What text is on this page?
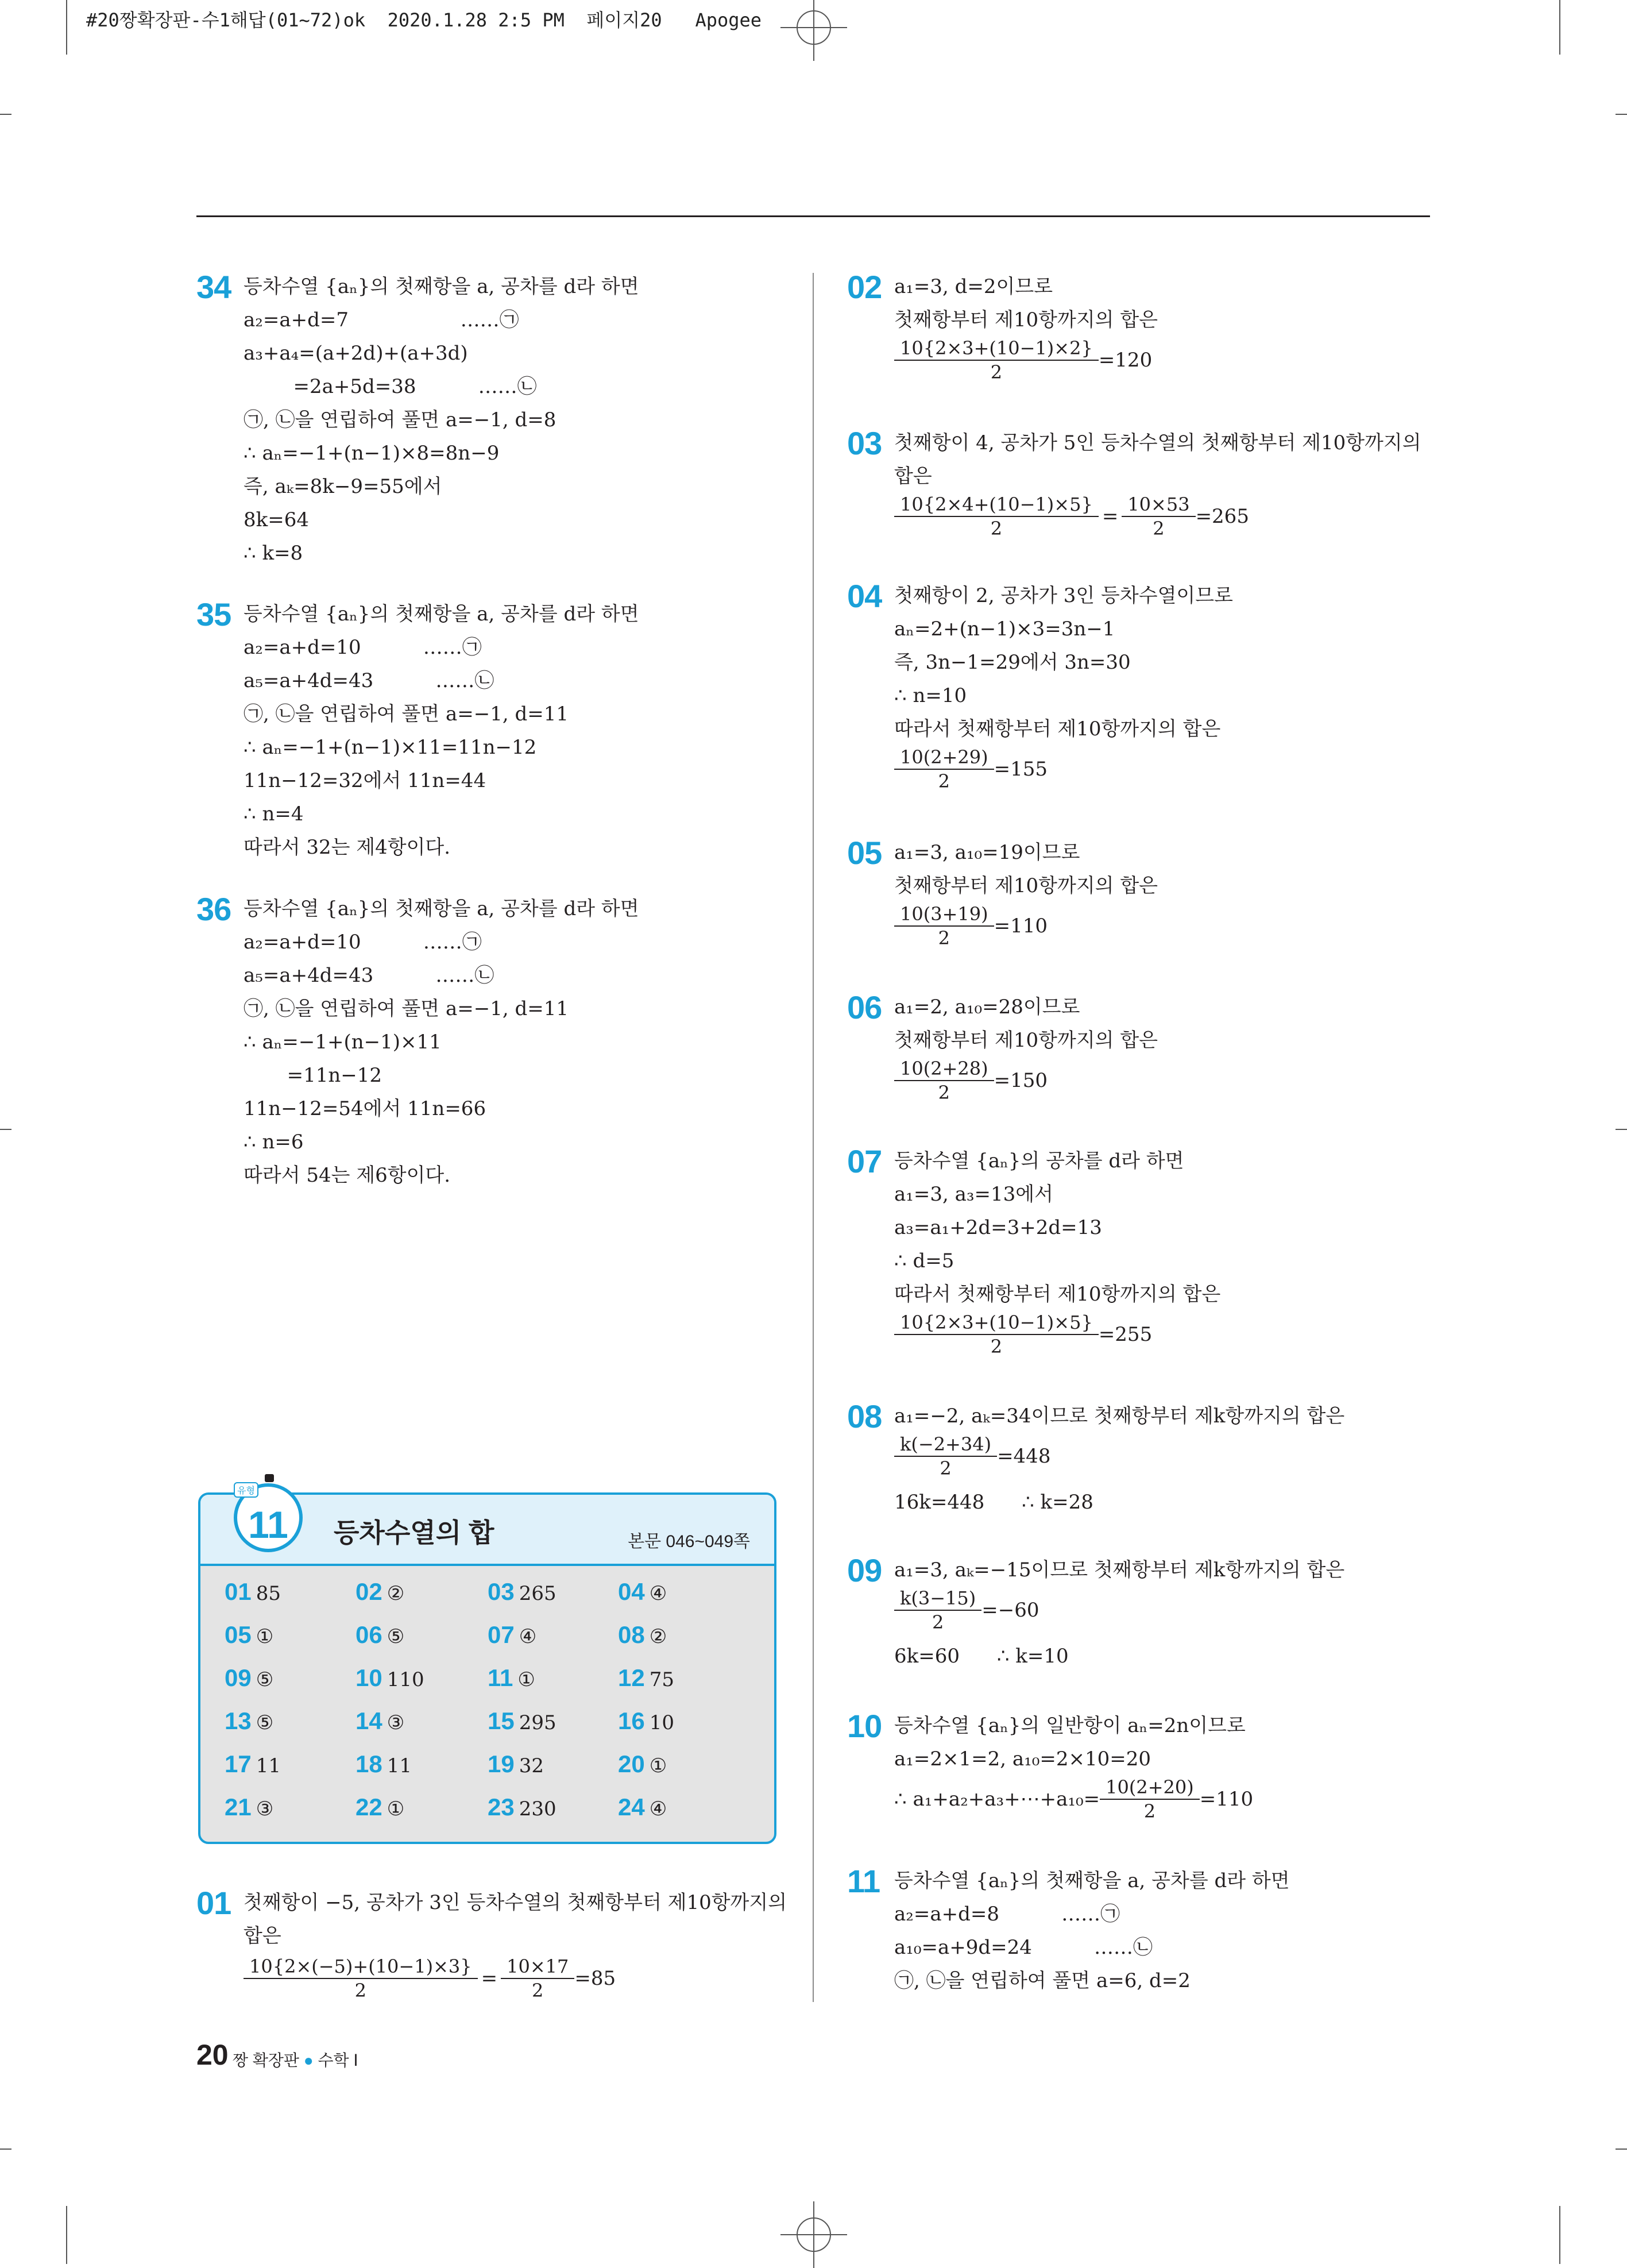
#20짱확장판-수1해답(01~72)ok  2020.1.28 2:5 PM  페이지20   Apogee
34 등차수열 {aₙ}의 첫째항을 a, 공차를 d라 하면
a₂=a+d=7                  ……㉠
a₃+a₄=(a+2d)+(a+3d)
=2a+5d=38          ……㉡
㉠, ㉡을 연립하여 풀면 a=−1, d=8
∴ aₙ=−1+(n−1)×8=8n−9
즉, aₖ=8k−9=55에서
8k=64
∴ k=8
35 등차수열 {aₙ}의 첫째항을 a, 공차를 d라 하면
a₂=a+d=10          ……㉠
a₅=a+4d=43          ……㉡
㉠, ㉡을 연립하여 풀면 a=−1, d=11
∴ aₙ=−1+(n−1)×11=11n−12
11n−12=32에서 11n=44
∴ n=4
따라서 32는 제4항이다.
36 등차수열 {aₙ}의 첫째항을 a, 공차를 d라 하면
a₂=a+d=10          ……㉠
a₅=a+4d=43          ……㉡
㉠, ㉡을 연립하여 풀면 a=−1, d=11
∴ aₙ=−1+(n−1)×11
=11n−12
11n−12=54에서 11n=66
∴ n=6
따라서 54는 제6항이다.
유형
11	등차수열의 합	본문 046~049쪽
01 85	02 ②	03 265	04 ④
05 ①	06 ⑤	07 ④	08 ②
09 ⑤	10 110	11 ①	12 75
13 ⑤	14 ③	15 295	16 10
17 11	18 11	19 32	20 ①
21 ③	22 ①	23 230	24 ④
01 첫째항이 −5, 공차가 3인 등차수열의 첫째항부터 제10항까지의
합은
$\frac{10\{2\times(-5)+(10-1)\times 3\}}{2} = \frac{10\times 17}{2} =85$
02 a₁=3, d=2이므로
첫째항부터 제10항까지의 합은
$\frac{10\{2\times 3+(10-1)\times 2\}}{2} =120$
03 첫째항이 4, 공차가 5인 등차수열의 첫째항부터 제10항까지의
합은
$\frac{10\{2\times 4+(10-1)\times 5\}}{2} = \frac{10\times 53}{2} =265$
04 첫째항이 2, 공차가 3인 등차수열이므로
aₙ=2+(n−1)×3=3n−1
즉, 3n−1=29에서 3n=30
∴ n=10
따라서 첫째항부터 제10항까지의 합은
$\frac{10(2+29)}{2} =155$
05 a₁=3, a₁₀=19이므로
첫째항부터 제10항까지의 합은
$\frac{10(3+19)}{2} =110$
06 a₁=2, a₁₀=28이므로
첫째항부터 제10항까지의 합은
$\frac{10(2+28)}{2} =150$
07 등차수열 {aₙ}의 공차를 d라 하면
a₁=3, a₃=13에서
a₃=a₁+2d=3+2d=13
∴ d=5
따라서 첫째항부터 제10항까지의 합은
$\frac{10\{2\times 3+(10-1)\times 5\}}{2} =255$
08 a₁=−2, aₖ=34이므로 첫째항부터 제k항까지의 합은
$\frac{k(-2+34)}{2} =448$
16k=448      ∴ k=28
09 a₁=3, aₖ=−15이므로 첫째항부터 제k항까지의 합은
$\frac{k(3-15)}{2} =-60$
6k=60      ∴ k=10
10 등차수열 {aₙ}의 일반항이 aₙ=2n이므로
a₁=2×1=2, a₁₀=2×10=20
∴ a₁+a₂+a₃+⋯+a₁₀= $\frac{10(2+20)}{2} =110$
11 등차수열 {aₙ}의 첫째항을 a, 공차를 d라 하면
a₂=a+d=8          ……㉠
a₁₀=a+9d=24          ……㉡
㉠, ㉡을 연립하여 풀면 a=6, d=2
20 짱 확장판 ● 수학 Ⅰ
